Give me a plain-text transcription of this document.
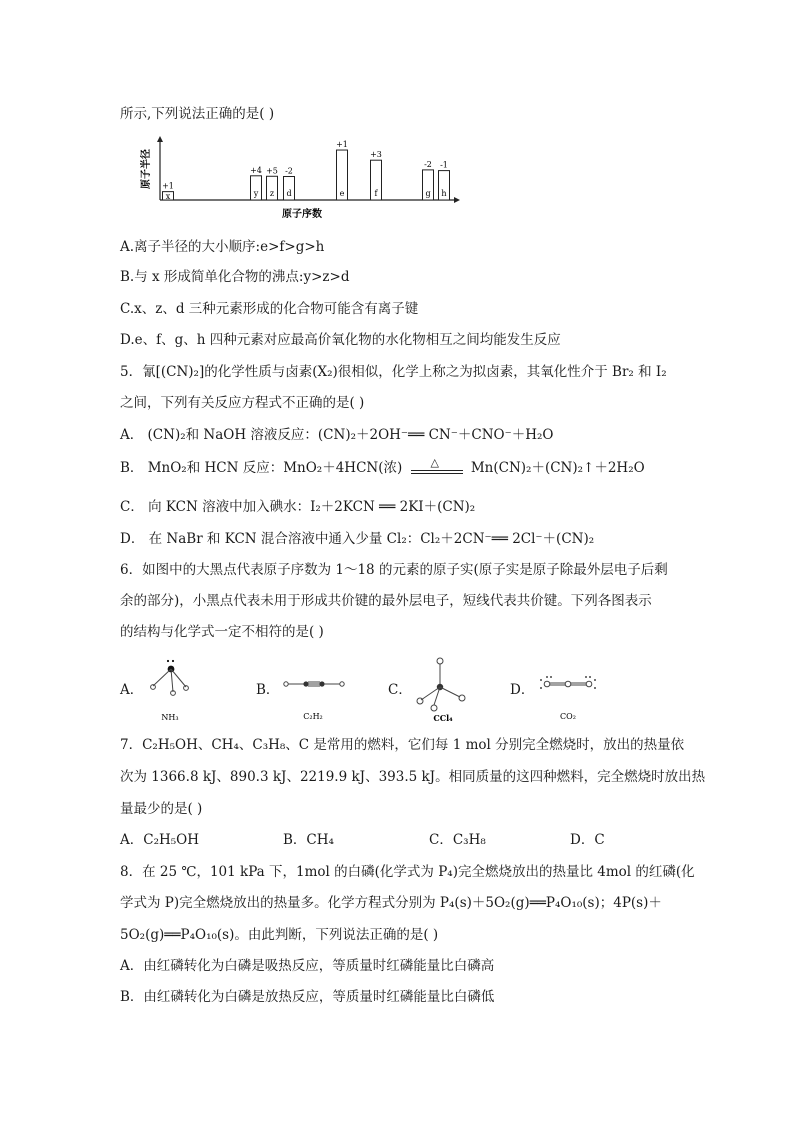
所示,下列说法正确的是( )
原子半径
原子序数
x
+1
y
+4
z
+5
d
-2
e
+1
f
+3
g
-2
h
-1
A.离子半径的大小顺序:e>f>g>h
B.与 x 形成简单化合物的沸点:y>z>d
C.x、z、d 三种元素形成的化合物可能含有离子键
D.e、f、g、h 四种元素对应最高价氧化物的水化物相互之间均能发生反应
5．氰[(CN)₂]的化学性质与卤素(X₂)很相似，化学上称之为拟卤素，其氧化性介于 Br₂ 和 I₂
之间，下列有关反应方程式不正确的是( )
A． (CN)₂和 NaOH 溶液反应：(CN)₂＋2OH⁻══ CN⁻＋CNO⁻＋H₂O
B． MnO₂和 HCN 反应：MnO₂＋4HCN(浓)	△ Mn(CN)₂＋(CN)₂↑＋2H₂O
C． 向 KCN 溶液中加入碘水：I₂＋2KCN ══ 2KI＋(CN)₂
D． 在 NaBr 和 KCN 混合溶液中通入少量 Cl₂：Cl₂＋2CN⁻══ 2Cl⁻＋(CN)₂
6．如图中的大黑点代表原子序数为 1～18 的元素的原子实(原子实是原子除最外层电子后剩
余的部分)，小黑点代表未用于形成共价键的最外层电子，短线代表共价键。下列各图表示
的结构与化学式一定不相符的是( )
A．
NH₃
B．
C₂H₂
C．
CCl₄
D．
CO₂
7．C₂H₅OH、CH₄、C₃H₈、C 是常用的燃料，它们每 1 mol 分别完全燃烧时，放出的热量依
次为 1366.8 kJ、890.3 kJ、2219.9 kJ、393.5 kJ。相同质量的这四种燃料，完全燃烧时放出热
量最少的是( )
A．C₂H₅OH	B．CH₄	C．C₃H₈	D．C
8．在 25 ℃，101 kPa 下，1mol 的白磷(化学式为 P₄)完全燃烧放出的热量比 4mol 的红磷(化
学式为 P)完全燃烧放出的热量多。化学方程式分别为 P₄(s)＋5O₂(g)══P₄O₁₀(s)；4P(s)＋
5O₂(g)══P₄O₁₀(s)。由此判断，下列说法正确的是( )
A．由红磷转化为白磷是吸热反应，等质量时红磷能量比白磷高
B．由红磷转化为白磷是放热反应，等质量时红磷能量比白磷低
